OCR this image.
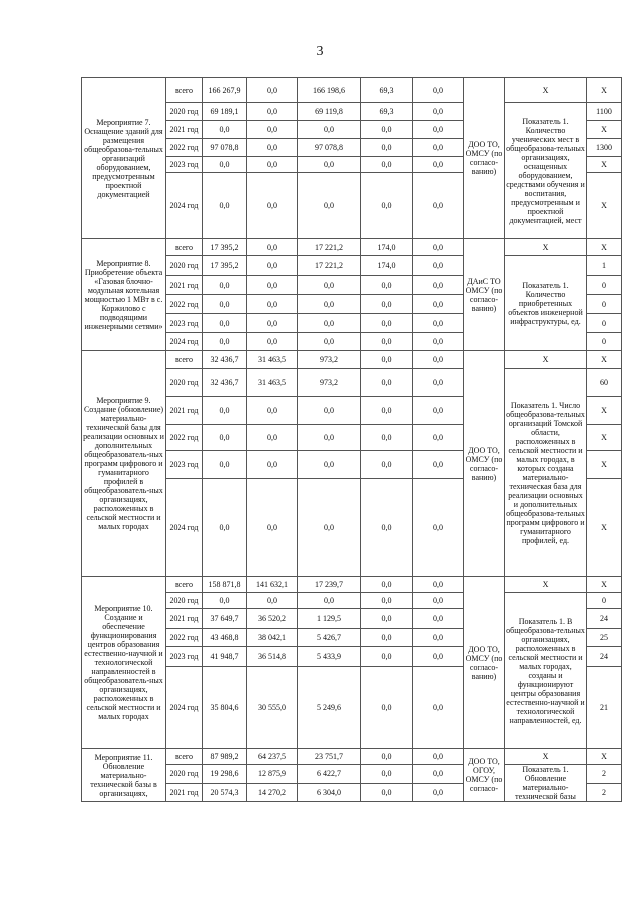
3
Мероприятие 7. Оснащение зданий для размещения общеобразова-тельных организаций оборудованием, предусмотренным проектной документацией	всего	166 267,9	0,0	166 198,6	69,3	0,0	ДОО ТО, ОМСУ (по согласо-ванию)	X	X
	2020 год	69 189,1	0,0	69 119,8	69,3	0,0		Показатель 1. Количество ученических мест в общеобразова-тельных организациях, оснащенных оборудованием, средствами обучения и воспитания, предусмотренным и проектной документацией, мест	1100
	2021 год	0,0	0,0	0,0	0,0	0,0			X
	2022 год	97 078,8	0,0	97 078,8	0,0	0,0			1300
	2023 год	0,0	0,0	0,0	0,0	0,0			X
	2024 год	0,0	0,0	0,0	0,0	0,0			X
Мероприятие 8. Приобретение объекта «Газовая блочно-модульная котельная мощностью 1 МВт в с. Коржилово с подводящими инженерными сетями»	всего	17 395,2	0,0	17 221,2	174,0	0,0	ДАиС ТО ОМСУ (по согласо-ванию)	X	X
	2020 год	17 395,2	0,0	17 221,2	174,0	0,0		Показатель 1. Количество приобретенных объектов инженерной инфраструктуры, ед.	1
	2021 год	0,0	0,0	0,0	0,0	0,0			0
	2022 год	0,0	0,0	0,0	0,0	0,0			0
	2023 год	0,0	0,0	0,0	0,0	0,0			0
	2024 год	0,0	0,0	0,0	0,0	0,0			0
Мероприятие 9. Создание (обновление) материально-технической базы для реализации основных и дополнительных общеобразователь-ных программ цифрового и гуманитарного профилей в общеобразователь-ных организациях, расположенных в сельской местности и малых городах	всего	32 436,7	31 463,5	973,2	0,0	0,0	ДОО ТО, ОМСУ (по согласо-ванию)	X	X
	2020 год	32 436,7	31 463,5	973,2	0,0	0,0		Показатель 1. Число общеобразова-тельных организаций Томской области, расположенных в сельской местности и малых городах, в которых создана материально-техническая база для реализации основных и дополнительных общеобразова-тельных программ цифрового и гуманитарного профилей, ед.	60
	2021 год	0,0	0,0	0,0	0,0	0,0			X
	2022 год	0,0	0,0	0,0	0,0	0,0			X
	2023 год	0,0	0,0	0,0	0,0	0,0			X
	2024 год	0,0	0,0	0,0	0,0	0,0			X
Мероприятие 10. Создание и обеспечение функционирования центров образования естественно-научной и технологической направленностей в общеобразователь-ных организациях, расположенных в сельской местности и малых городах	всего	158 871,8	141 632,1	17 239,7	0,0	0,0	ДОО ТО, ОМСУ (по согласо-ванию)	X	X
	2020 год	0,0	0,0	0,0	0,0	0,0		Показатель 1. В общеобразова-тельных организациях, расположенных в сельской местности и малых городах, созданы и функционируют центры образования естественно-научной и технологической направленностей, ед.	0
	2021 год	37 649,7	36 520,2	1 129,5	0,0	0,0			24
	2022 год	43 468,8	38 042,1	5 426,7	0,0	0,0			25
	2023 год	41 948,7	36 514,8	5 433,9	0,0	0,0			24
	2024 год	35 804,6	30 555,0	5 249,6	0,0	0,0			21
Мероприятие 11. Обновление материально-технической базы в организациях,	всего	87 989,2	64 237,5	23 751,7	0,0	0,0	ДОО ТО, ОГОУ, ОМСУ (по согласо-	X	X
	2020 год	19 298,6	12 875,9	6 422,7	0,0	0,0		Показатель 1. Обновление материально-технической базы	2
	2021 год	20 574,3	14 270,2	6 304,0	0,0	0,0			2
